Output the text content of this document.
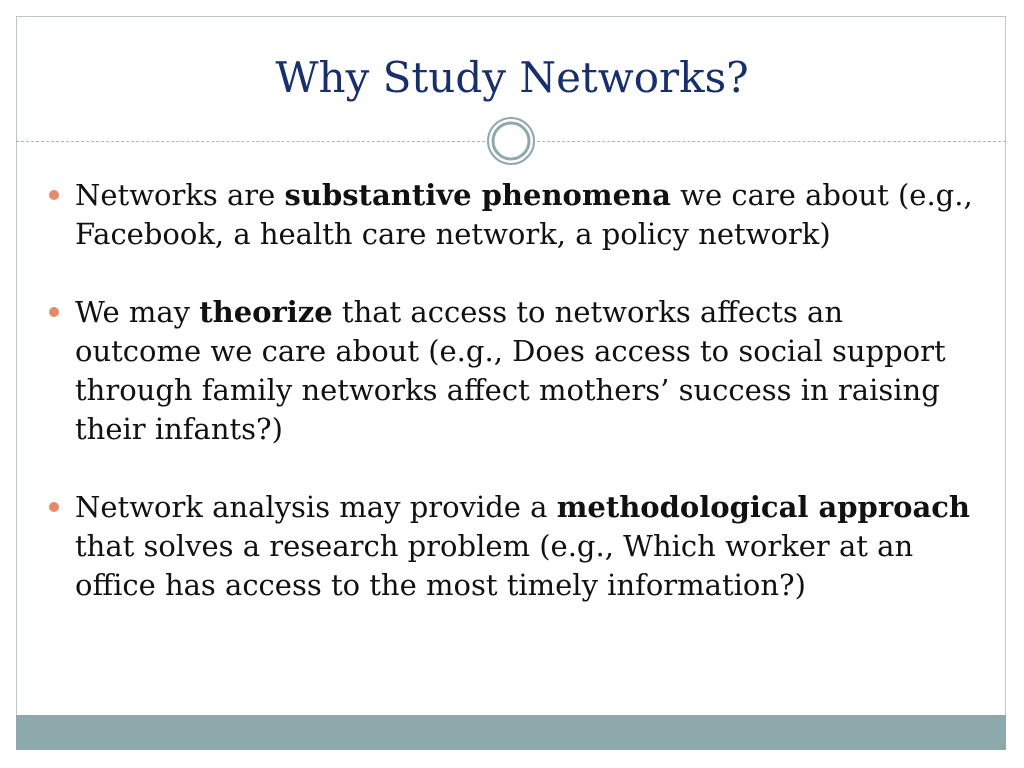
Why Study Networks?
Networks are substantive phenomena we care about (e.g., Facebook, a health care network, a policy network)
We may theorize that access to networks affects an outcome we care about (e.g., Does access to social support through family networks affect mothers’ success in raising their infants?)
Network analysis may provide a methodological approach that solves a research problem (e.g., Which worker at an office has access to the most timely information?)
